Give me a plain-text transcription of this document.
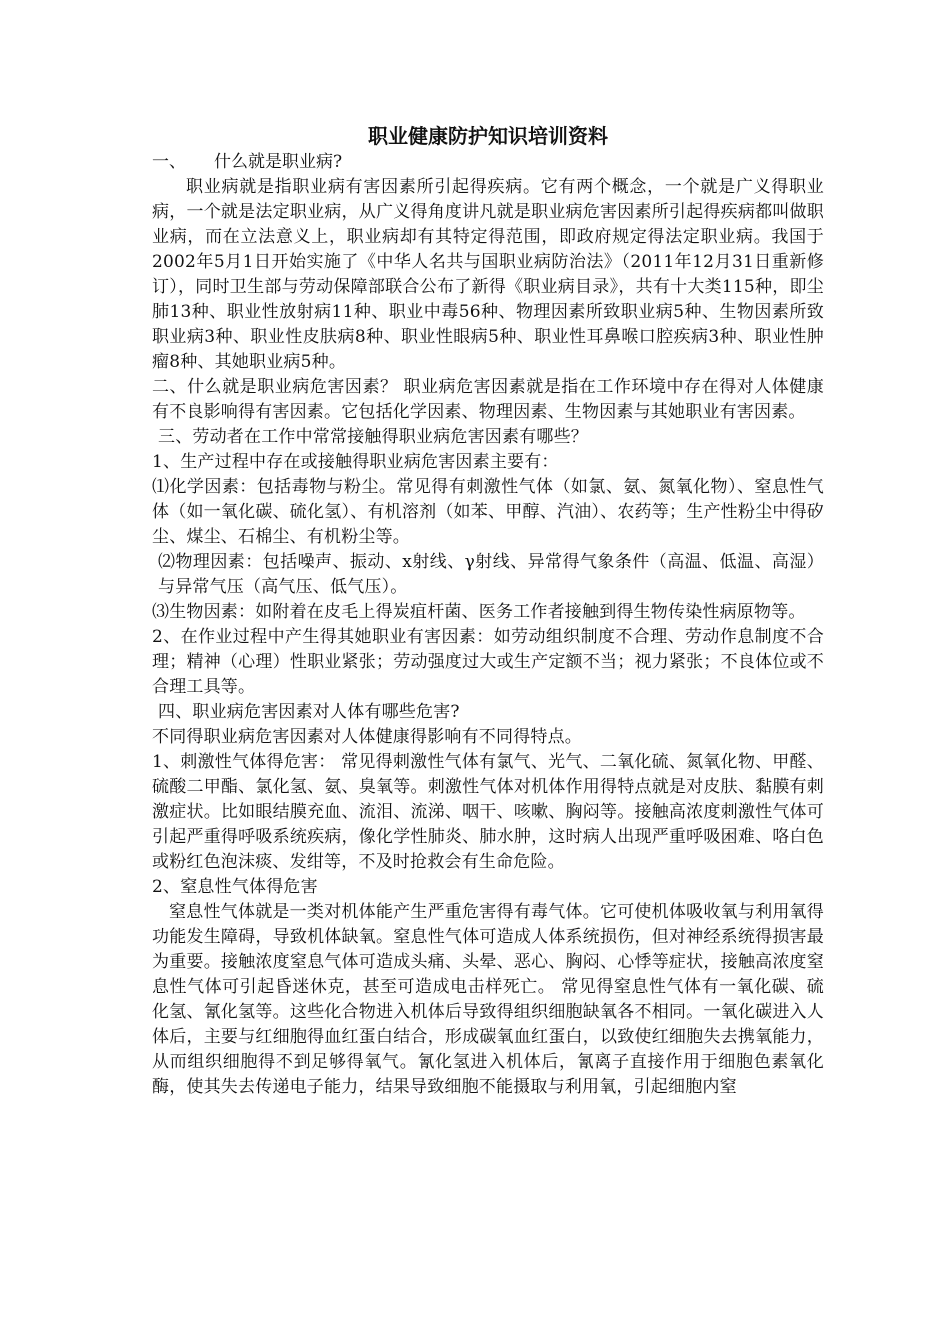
职业健康防护知识培训资料

一、	什么就是职业病?

职业病就是指职业病有害因素所引起得疾病。它有两个概念，一个就是广义得职业病，一个就是法定职业病，从广义得角度讲凡就是职业病危害因素所引起得疾病都叫做职业病，而在立法意义上，职业病却有其特定得范围，即政府规定得法定职业病。我国于2002年5月1日开始实施了《中华人名共与国职业病防治法》（2011年12月31日重新修订），同时卫生部与劳动保障部联合公布了新得《职业病目录》，共有十大类115种，即尘肺13种、职业性放射病11种、职业中毒56种、物理因素所致职业病5种、生物因素所致职业病3种、职业性皮肤病8种、职业性眼病5种、职业性耳鼻喉口腔疾病3种、职业性肿瘤8种、其她职业病5种。

二、什么就是职业病危害因素？ 职业病危害因素就是指在工作环境中存在得对人体健康有不良影响得有害因素。它包括化学因素、物理因素、生物因素与其她职业有害因素。

三、劳动者在工作中常常接触得职业病危害因素有哪些？

1、生产过程中存在或接触得职业病危害因素主要有：

⑴化学因素：包括毒物与粉尘。常见得有刺激性气体（如氯、氨、氮氧化物）、窒息性气体（如一氧化碳、硫化氢）、有机溶剂（如苯、甲醇、汽油）、农药等；生产性粉尘中得矽尘、煤尘、石棉尘、有机粉尘等。

⑵物理因素：包括噪声、振动、x射线、γ射线、异常得气象条件（高温、低温、高湿）与异常气压（高气压、低气压）。

⑶生物因素：如附着在皮毛上得炭疽杆菌、医务工作者接触到得生物传染性病原物等。

2、在作业过程中产生得其她职业有害因素：如劳动组织制度不合理、劳动作息制度不合理；精神（心理）性职业紧张；劳动强度过大或生产定额不当；视力紧张；不良体位或不合理工具等。

四、职业病危害因素对人体有哪些危害?

不同得职业病危害因素对人体健康得影响有不同得特点。

1、刺激性气体得危害： 常见得刺激性气体有氯气、光气、二氧化硫、氮氧化物、甲醛、硫酸二甲酯、氯化氢、氨、臭氧等。刺激性气体对机体作用得特点就是对皮肤、黏膜有刺激症状。比如眼结膜充血、流泪、流涕、咽干、咳嗽、胸闷等。接触高浓度刺激性气体可引起严重得呼吸系统疾病，像化学性肺炎、肺水肿，这时病人出现严重呼吸困难、咯白色或粉红色泡沫痰、发绀等，不及时抢救会有生命危险。

2、窒息性气体得危害

窒息性气体就是一类对机体能产生严重危害得有毒气体。它可使机体吸收氧与利用氧得功能发生障碍，导致机体缺氧。窒息性气体可造成人体系统损伤，但对神经系统得损害最为重要。接触浓度窒息气体可造成头痛、头晕、恶心、胸闷、心悸等症状，接触高浓度窒息性气体可引起昏迷休克，甚至可造成电击样死亡。 常见得窒息性气体有一氧化碳、硫化氢、氰化氢等。这些化合物进入机体后导致得组织细胞缺氧各不相同。一氧化碳进入人体后，主要与红细胞得血红蛋白结合，形成碳氧血红蛋白，以致使红细胞失去携氧能力，从而组织细胞得不到足够得氧气。氰化氢进入机体后，氰离子直接作用于细胞色素氧化酶，使其失去传递电子能力，结果导致细胞不能摄取与利用氧，引起细胞内窒
